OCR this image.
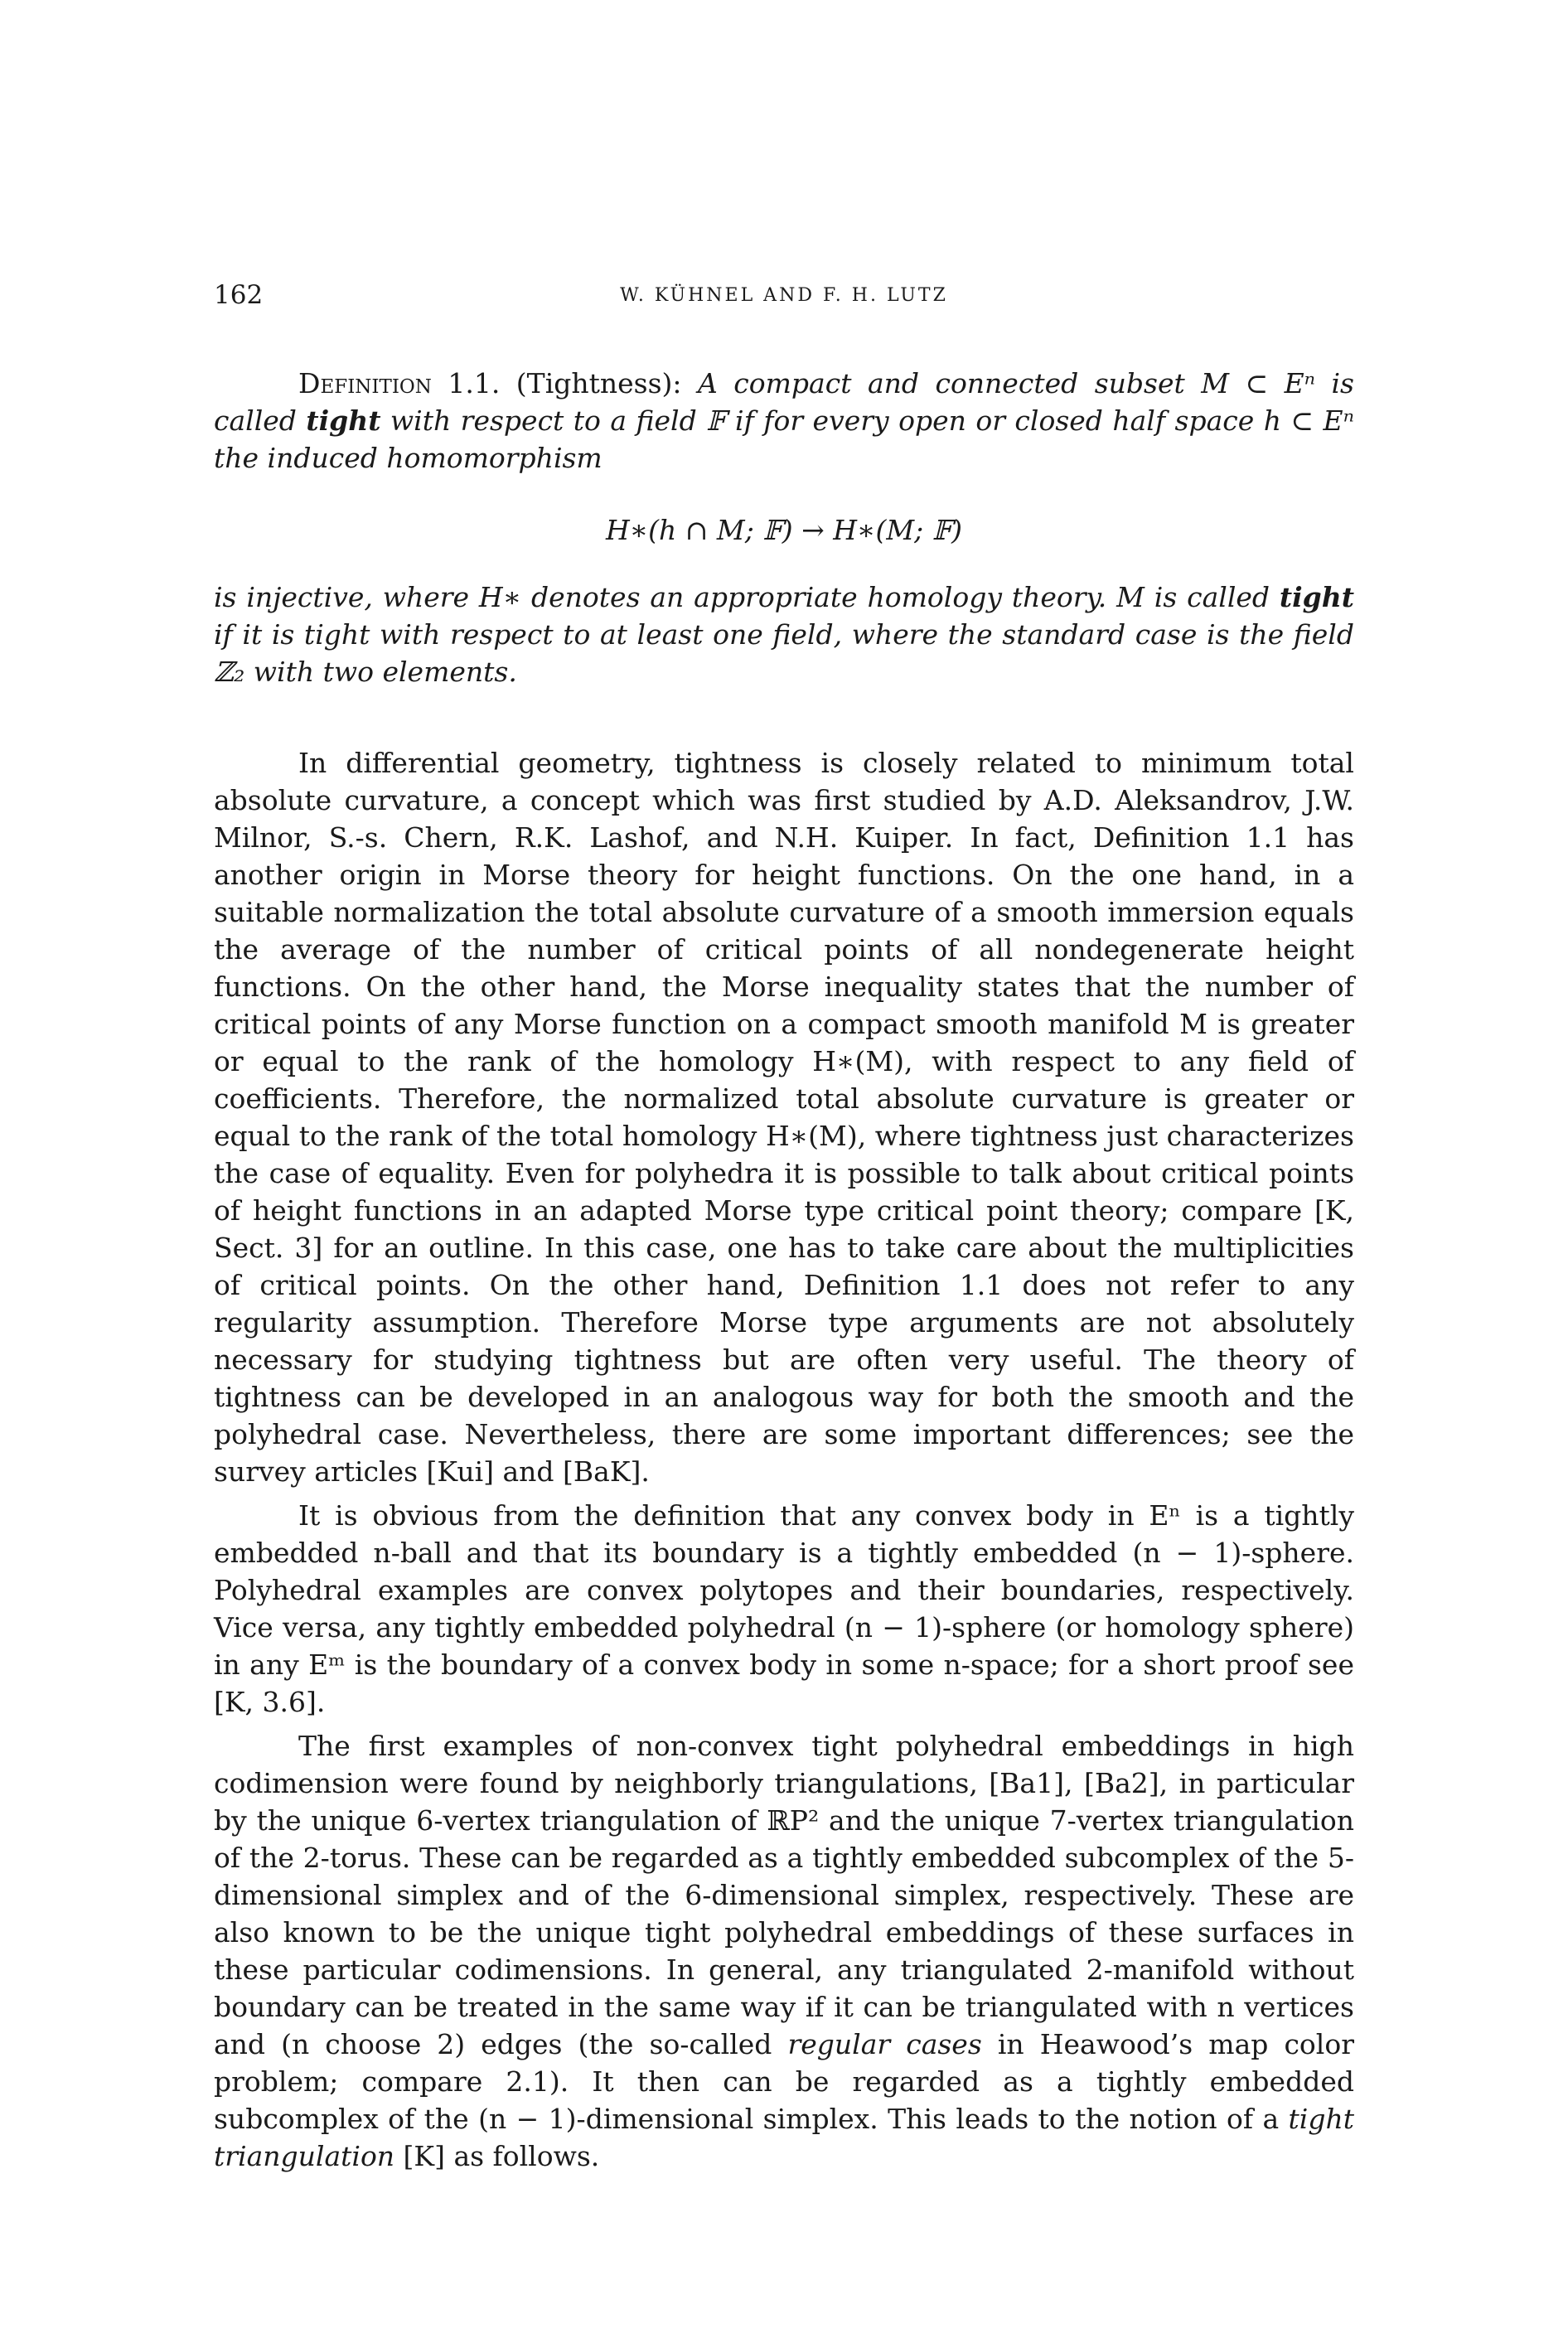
162	W. KÜHNEL AND F. H. LUTZ

Definition 1.1. (Tightness): A compact and connected subset M ⊂ Eⁿ is called tight with respect to a field 𝔽 if for every open or closed half space h ⊂ Eⁿ the induced homomorphism

H∗(h ∩ M; 𝔽) → H∗(M; 𝔽)

is injective, where H∗ denotes an appropriate homology theory. M is called tight if it is tight with respect to at least one field, where the standard case is the field ℤ₂ with two elements.

In differential geometry, tightness is closely related to minimum total absolute curvature, a concept which was first studied by A.D. Aleksandrov, J.W. Milnor, S.-s. Chern, R.K. Lashof, and N.H. Kuiper. In fact, Definition 1.1 has another origin in Morse theory for height functions. On the one hand, in a suitable normalization the total absolute curvature of a smooth immersion equals the average of the number of critical points of all nondegenerate height functions. On the other hand, the Morse inequality states that the number of critical points of any Morse function on a compact smooth manifold M is greater or equal to the rank of the homology H∗(M), with respect to any field of coefficients. Therefore, the normalized total absolute curvature is greater or equal to the rank of the total homology H∗(M), where tightness just characterizes the case of equality. Even for polyhedra it is possible to talk about critical points of height functions in an adapted Morse type critical point theory; compare [K, Sect. 3] for an outline. In this case, one has to take care about the multiplicities of critical points. On the other hand, Definition 1.1 does not refer to any regularity assumption. Therefore Morse type arguments are not absolutely necessary for studying tightness but are often very useful. The theory of tightness can be developed in an analogous way for both the smooth and the polyhedral case. Nevertheless, there are some important differences; see the survey articles [Kui] and [BaK].

It is obvious from the definition that any convex body in Eⁿ is a tightly embedded n-ball and that its boundary is a tightly embedded (n − 1)-sphere. Polyhedral examples are convex polytopes and their boundaries, respectively. Vice versa, any tightly embedded polyhedral (n − 1)-sphere (or homology sphere) in any Eᵐ is the boundary of a convex body in some n-space; for a short proof see [K, 3.6].

The first examples of non-convex tight polyhedral embeddings in high codimension were found by neighborly triangulations, [Ba1], [Ba2], in particular by the unique 6-vertex triangulation of ℝP² and the unique 7-vertex triangulation of the 2-torus. These can be regarded as a tightly embedded subcomplex of the 5-dimensional simplex and of the 6-dimensional simplex, respectively. These are also known to be the unique tight polyhedral embeddings of these surfaces in these particular codimensions. In general, any triangulated 2-manifold without boundary can be treated in the same way if it can be triangulated with n vertices and (n choose 2) edges (the so-called regular cases in Heawood’s map color problem; compare 2.1). It then can be regarded as a tightly embedded subcomplex of the (n − 1)-dimensional simplex. This leads to the notion of a tight triangulation [K] as follows.
